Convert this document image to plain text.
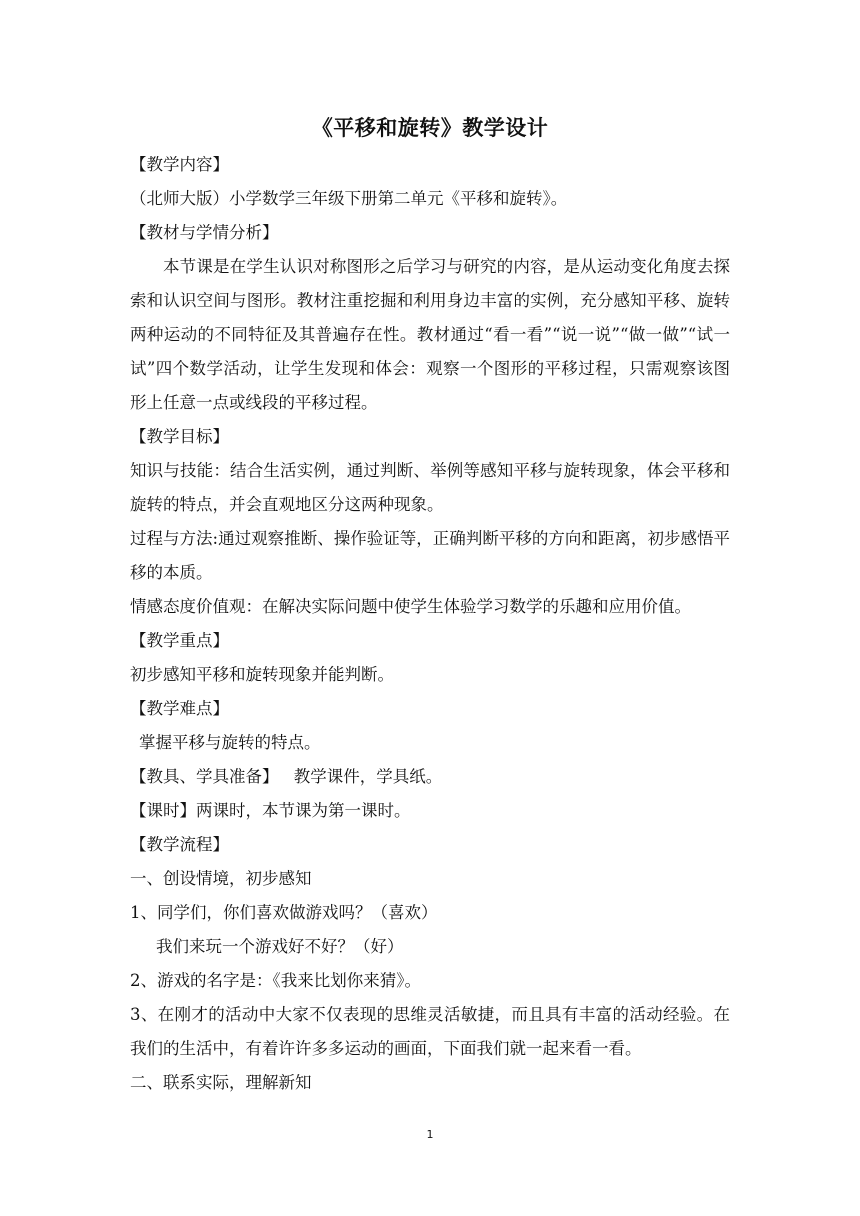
《平移和旋转》教学设计
【教学内容】
（北师大版）小学数学三年级下册第二单元《平移和旋转》。
【教材与学情分析】
本节课是在学生认识对称图形之后学习与研究的内容，是从运动变化角度去探索和认识空间与图形。教材注重挖掘和利用身边丰富的实例，充分感知平移、旋转两种运动的不同特征及其普遍存在性。教材通过“看一看”“说一说”“做一做”“试一试”四个数学活动，让学生发现和体会：观察一个图形的平移过程，只需观察该图形上任意一点或线段的平移过程。
【教学目标】
知识与技能：结合生活实例，通过判断、举例等感知平移与旋转现象，体会平移和旋转的特点，并会直观地区分这两种现象。
过程与方法:通过观察推断、操作验证等，正确判断平移的方向和距离，初步感悟平移的本质。
情感态度价值观：在解决实际问题中使学生体验学习数学的乐趣和应用价值。
【教学重点】
初步感知平移和旋转现象并能判断。
【教学难点】
掌握平移与旋转的特点。
【教具、学具准备】 教学课件，学具纸。
【课时】两课时，本节课为第一课时。
【教学流程】
一、创设情境，初步感知
1、同学们，你们喜欢做游戏吗？（喜欢）
我们来玩一个游戏好不好？（好）
2、游戏的名字是：《我来比划你来猜》。
3、在刚才的活动中大家不仅表现的思维灵活敏捷，而且具有丰富的活动经验。在我们的生活中，有着许许多多运动的画面，下面我们就一起来看一看。
二、联系实际，理解新知
1
